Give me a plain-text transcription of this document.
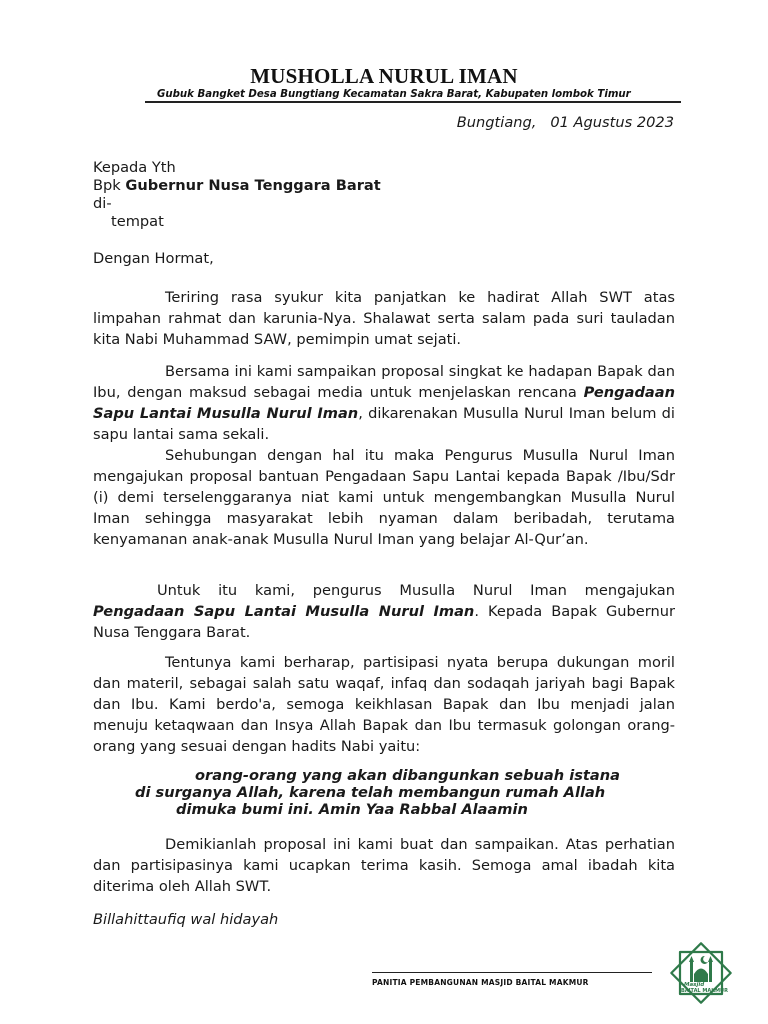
MUSHOLLA NURUL IMAN
Gubuk Bangket Desa Bungtiang Kecamatan Sakra Barat, Kabupaten lombok Timur
Bungtiang,   01 Agustus 2023
Kepada Yth
Bpk Gubernur Nusa Tenggara Barat
di-
tempat
Dengan Hormat,

Teriring rasa syukur kita panjatkan ke hadirat Allah SWT atas limpahan rahmat dan karunia-Nya. Shalawat serta salam pada suri tauladan kita Nabi Muhammad SAW, pemimpin umat sejati.

Bersama ini kami sampaikan proposal singkat ke hadapan Bapak dan Ibu, dengan maksud sebagai media untuk menjelaskan rencana Pengadaan Sapu Lantai Musulla Nurul Iman, dikarenakan Musulla Nurul Iman belum di sapu lantai sama sekali.

Sehubungan dengan hal itu maka Pengurus Musulla Nurul Iman mengajukan proposal bantuan Pengadaan Sapu Lantai kepada Bapak /Ibu/Sdr (i) demi terselenggaranya niat kami untuk mengembangkan Musulla Nurul Iman sehingga masyarakat lebih nyaman dalam beribadah, terutama kenyamanan anak-anak Musulla Nurul Iman yang belajar Al-Qur’an.

Untuk itu kami, pengurus Musulla Nurul Iman mengajukan Pengadaan Sapu Lantai Musulla Nurul Iman. Kepada Bapak Gubernur Nusa Tenggara Barat.

Tentunya kami berharap, partisipasi nyata berupa dukungan moril dan materil, sebagai salah satu waqaf, infaq dan sodaqah jariyah bagi Bapak dan Ibu. Kami berdo'a, semoga keikhlasan Bapak dan Ibu menjadi jalan menuju ketaqwaan dan Insya Allah Bapak dan Ibu termasuk golongan orang-orang yang sesuai dengan hadits Nabi yaitu:

orang-orang yang akan dibangunkan sebuah istana
di surganya Allah, karena telah membangun rumah Allah
dimuka bumi ini. Amin Yaa Rabbal Alaamin

Demikianlah proposal ini kami buat dan sampaikan. Atas perhatian dan partisipasinya kami ucapkan terima kasih. Semoga amal ibadah kita diterima oleh Allah SWT.

Billahittaufiq wal hidayah
PANITIA PEMBANGUNAN MASJID BAITAL MAKMUR	Masjid
BAITAL MAKMUR
